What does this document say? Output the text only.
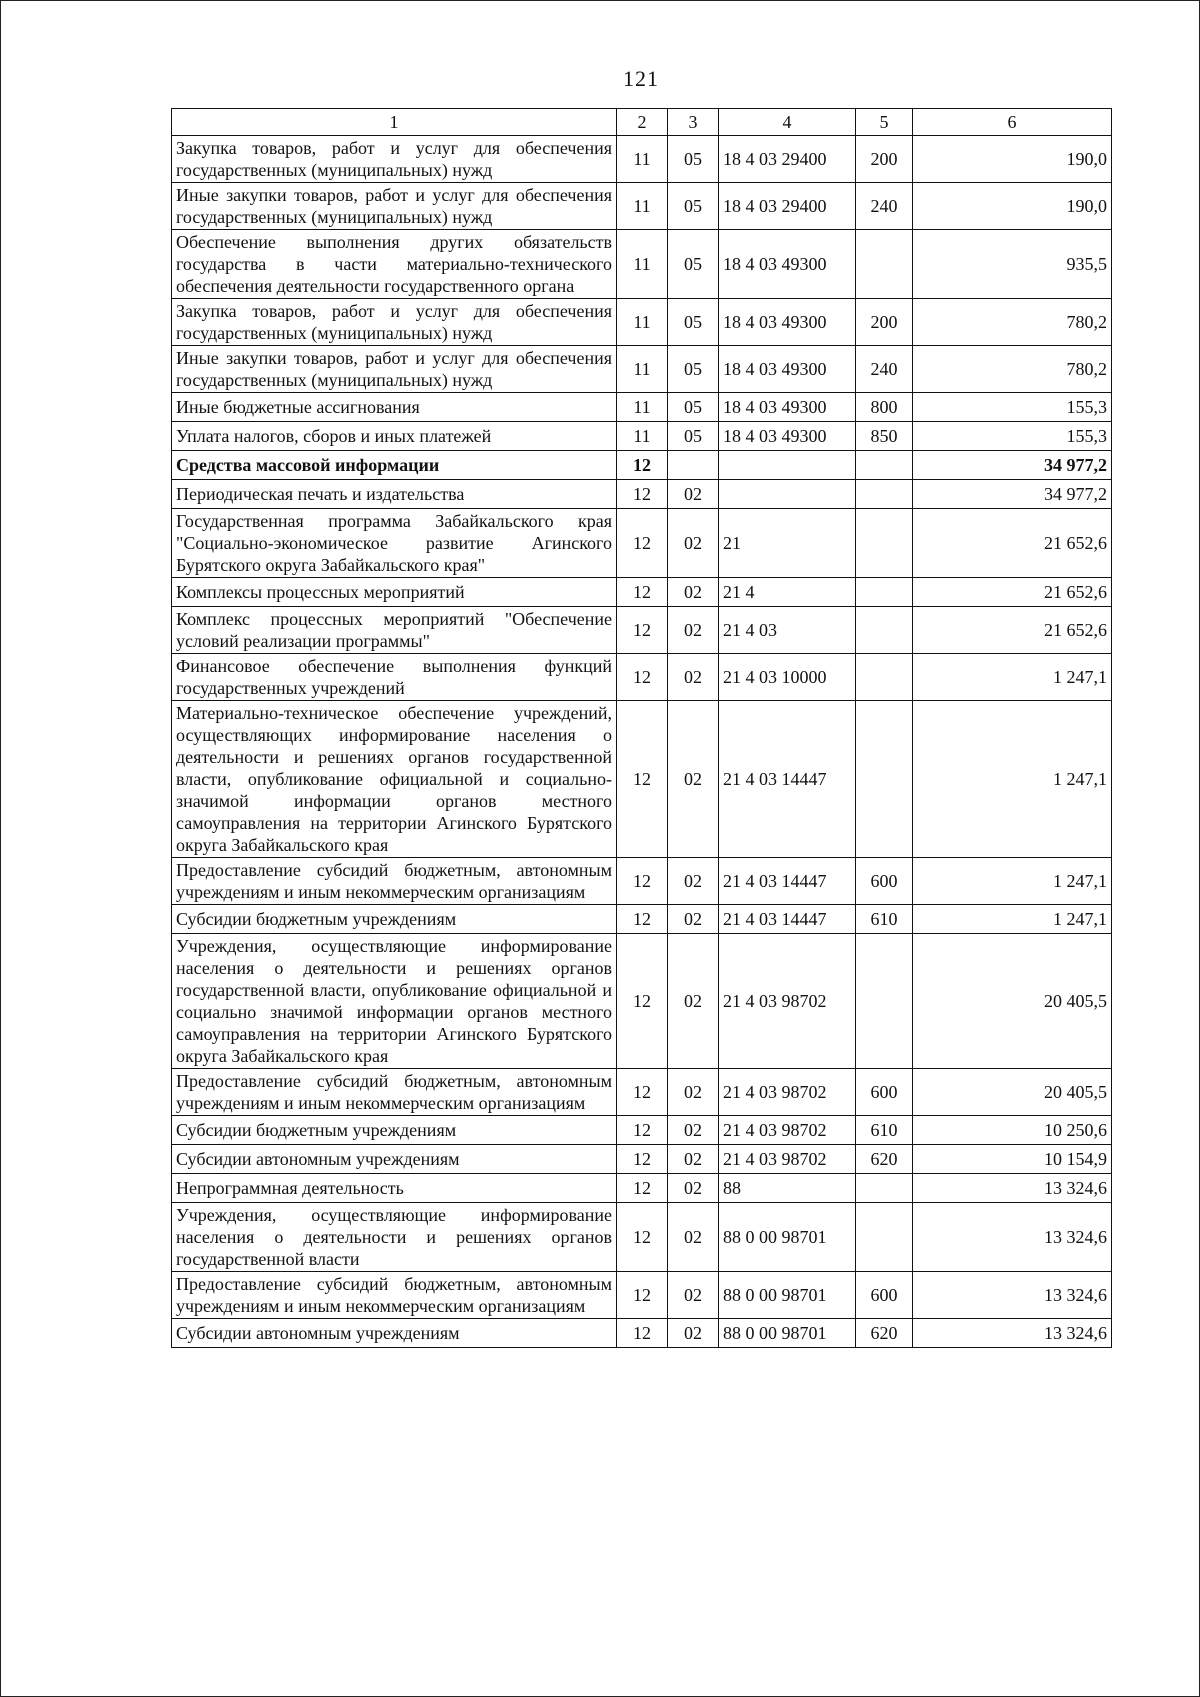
121
1	2	3	4	5	6
Закупка товаров, работ и услуг для обеспечения государственных (муниципальных) нужд	11	05	18 4 03 29400	200	190,0
Иные закупки товаров, работ и услуг для обеспечения государственных (муниципальных) нужд	11	05	18 4 03 29400	240	190,0
Обеспечение выполнения других обязательств государства в части материально-технического обеспечения деятельности государственного органа	11	05	18 4 03 49300		935,5
Закупка товаров, работ и услуг для обеспечения государственных (муниципальных) нужд	11	05	18 4 03 49300	200	780,2
Иные закупки товаров, работ и услуг для обеспечения государственных (муниципальных) нужд	11	05	18 4 03 49300	240	780,2
Иные бюджетные ассигнования	11	05	18 4 03 49300	800	155,3
Уплата налогов, сборов и иных платежей	11	05	18 4 03 49300	850	155,3
Средства массовой информации	12				34 977,2
Периодическая печать и издательства	12	02			34 977,2
Государственная программа Забайкальского края "Социально-экономическое развитие Агинского Бурятского округа Забайкальского края"	12	02	21		21 652,6
Комплексы процессных мероприятий	12	02	21 4		21 652,6
Комплекс процессных мероприятий "Обеспечение условий реализации программы"	12	02	21 4 03		21 652,6
Финансовое обеспечение выполнения функций государственных учреждений	12	02	21 4 03 10000		1 247,1
Материально-техническое обеспечение учреждений, осуществляющих информирование населения о деятельности и решениях органов государственной власти, опубликование официальной и социально-значимой информации органов местного самоуправления на территории Агинского Бурятского округа Забайкальского края	12	02	21 4 03 14447		1 247,1
Предоставление субсидий бюджетным, автономным учреждениям и иным некоммерческим организациям	12	02	21 4 03 14447	600	1 247,1
Субсидии бюджетным учреждениям	12	02	21 4 03 14447	610	1 247,1
Учреждения, осуществляющие информирование населения о деятельности и решениях органов государственной власти, опубликование официальной и социально значимой информации органов местного самоуправления на территории Агинского Бурятского округа Забайкальского края	12	02	21 4 03 98702		20 405,5
Предоставление субсидий бюджетным, автономным учреждениям и иным некоммерческим организациям	12	02	21 4 03 98702	600	20 405,5
Субсидии бюджетным учреждениям	12	02	21 4 03 98702	610	10 250,6
Субсидии автономным учреждениям	12	02	21 4 03 98702	620	10 154,9
Непрограммная деятельность	12	02	88		13 324,6
Учреждения, осуществляющие информирование населения о деятельности и решениях органов государственной власти	12	02	88 0 00 98701		13 324,6
Предоставление субсидий бюджетным, автономным учреждениям и иным некоммерческим организациям	12	02	88 0 00 98701	600	13 324,6
Субсидии автономным учреждениям	12	02	88 0 00 98701	620	13 324,6
